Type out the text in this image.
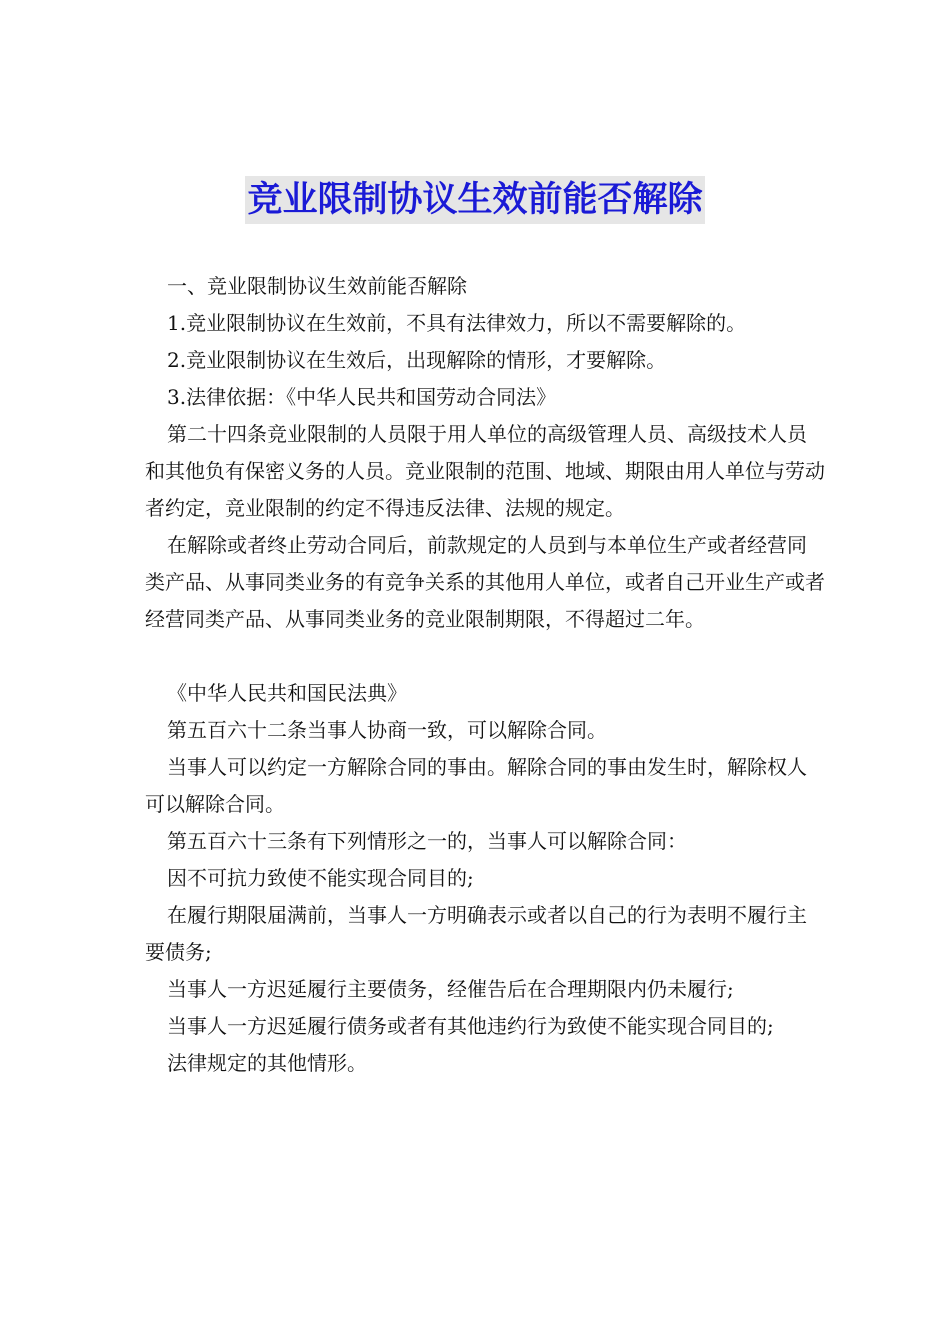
竞业限制协议生效前能否解除

一、竞业限制协议生效前能否解除

1.竞业限制协议在生效前，不具有法律效力，所以不需要解除的。

2.竞业限制协议在生效后，出现解除的情形，才要解除。

3.法律依据：《中华人民共和国劳动合同法》

第二十四条竞业限制的人员限于用人单位的高级管理人员、高级技术人员和其他负有保密义务的人员。竞业限制的范围、地域、期限由用人单位与劳动者约定，竞业限制的约定不得违反法律、法规的规定。

在解除或者终止劳动合同后，前款规定的人员到与本单位生产或者经营同类产品、从事同类业务的有竞争关系的其他用人单位，或者自己开业生产或者经营同类产品、从事同类业务的竞业限制期限，不得超过二年。

《中华人民共和国民法典》

第五百六十二条当事人协商一致，可以解除合同。

当事人可以约定一方解除合同的事由。解除合同的事由发生时，解除权人可以解除合同。

第五百六十三条有下列情形之一的，当事人可以解除合同：

因不可抗力致使不能实现合同目的;

在履行期限届满前，当事人一方明确表示或者以自己的行为表明不履行主要债务;

当事人一方迟延履行主要债务，经催告后在合理期限内仍未履行;

当事人一方迟延履行债务或者有其他违约行为致使不能实现合同目的;

法律规定的其他情形。
